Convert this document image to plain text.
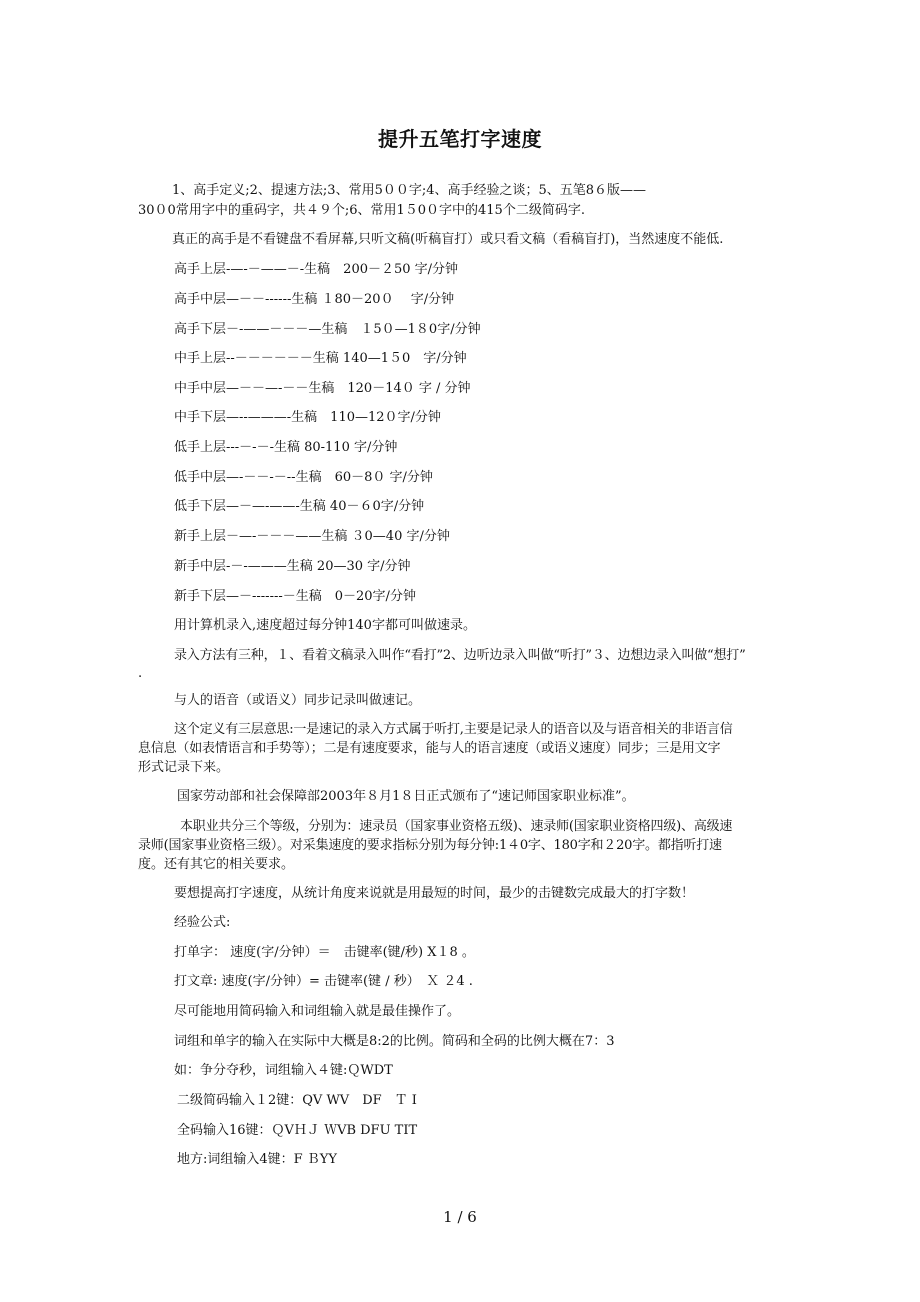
提升五笔打字速度
1、高手定义;2、提速方法;3、常用5００字;4、高手经验之谈；5、五笔8６版——
30０0常用字中的重码字，共４９个;6、常用1５0０字中的415个二级简码字.
真正的高手是不看键盘不看屏幕,只听文稿(听稿盲打）或只看文稿（看稿盲打)，当然速度不能低.
高手上层-—-－——－-生稿　200－２50 字/分钟
高手中层—－－------生稿 １80－20０　 字/分钟
高手下层－-——－－－—生稿　１5０—1８0字/分钟
中手上层--－－－－－－生稿 140—1５0　字/分钟
中手中层—－－—-－－生稿　120－14０ 字 / 分钟
中手下层—--———-生稿　110—12０字/分钟
低手上层---－-－-生稿 80-110 字/分钟
低手中层—-－－-－--生稿　60－8０ 字/分钟
低手下层—－—-——-生稿 40－６0字/分钟
新手上层－—-－－－——生稿 ３0—40 字/分钟
新手中层-－-———生稿 20—30 字/分钟
新手下层—－-------－生稿　0－20字/分钟
用计算机录入,速度超过每分钟140字都可叫做速录。
录入方法有三种，１、看着文稿录入叫作“看打”2、边听边录入叫做“听打”３、边想边录入叫做“想打”
.
与人的语音（或语义）同步记录叫做速记。
这个定义有三层意思:一是速记的录入方式属于听打,主要是记录人的语音以及与语音相关的非语言信
息信息（如表情语言和手势等）；二是有速度要求，能与人的语言速度（或语义速度）同步；三是用文字
形式记录下来。
国家劳动部和社会保障部2003年８月1８日正式颁布了“速记师国家职业标准”。
本职业共分三个等级，分别为：速录员（国家事业资格五级)、速录师(国家职业资格四级)、高级速
录师(国家事业资格三级）。对采集速度的要求指标分别为每分钟:1４0字、180字和２20字。都指听打速
度。还有其它的相关要求。
要想提高打字速度，从统计角度来说就是用最短的时间，最少的击键数完成最大的打字数！
经验公式:
打单字： 速度(字/分钟）＝　击键率(键/秒) X１8 。
打文章: 速度(字/分钟）= 击键率(键 / 秒）　Ｘ ２4 .
尽可能地用简码输入和词组输入就是最佳操作了。
词组和单字的输入在实际中大概是8:2的比例。简码和全码的比例大概在7：3
如：争分夺秒，词组输入４键:ＱWDT
二级简码输入１2键：QV WV　DF　Ｔ I
全码输入16键：ＱVＨＪ ＷVB DFU TIT
地方:词组输入4键：F ＢYY
1 / 6
